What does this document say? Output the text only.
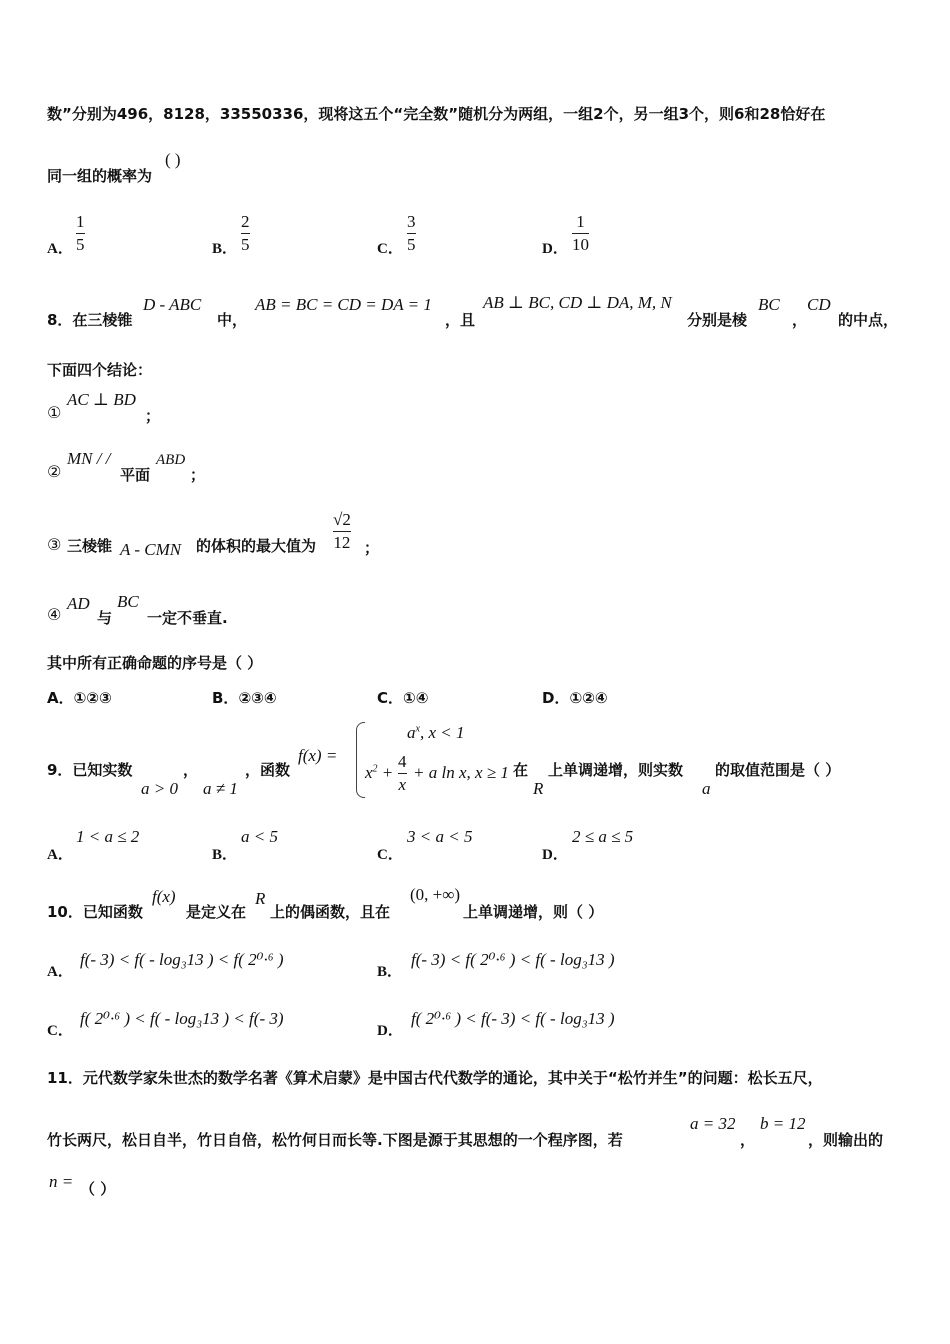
数”分别为496，8128，33550336，现将这五个“完全数”随机分为两组，一组2个，另一组3个，则6和28恰好在
同一组的概率为
( )
A．
1
5	B．
2
5	C．
3
5	D．
1
10
8．在三棱锥
D - ABC
中，
AB = BC = CD = DA = 1
，且
AB ⊥ BC, CD ⊥ DA, M, N
分别是棱
BC
，
CD
的中点，
下面四个结论：
①
AC ⊥ BD
；
②
MN / /
平面
ABD
；
③ 三棱锥 A - CMN 的体积的最大值为
√2
12 ；
④
AD
与
BC
一定不垂直.
其中所有正确命题的序号是（ ）
A．①②③	B．②③④	C．①④	D．①②④
9．已知实数
a > 0
，
a ≠ 1
，函数
f(x) =
$a^x$, x < 1
$x^2$ +
4
x
+ a ln x, x ≥ 1 在
R
上单调递增，则实数
a
的取值范围是（ ）
A．
1 < a ≤ 2
B．
a < 5
C．
3 < a < 5
D．
2 ≤ a ≤ 5
10．已知函数
f(x)
是定义在
R
上的偶函数，且在
(0, +∞)
上单调递增，则（ ）
A．
f(- 3) < f( - log₃13 ) < f( 2⁰·⁶ )
B．
f(- 3) < f( 2⁰·⁶ ) < f( - log₃13 )
C．
f( 2⁰·⁶ ) < f( - log₃13 ) < f(- 3)
D．
f( 2⁰·⁶ ) < f(- 3) < f( - log₃13 )
11．元代数学家朱世杰的数学名著《算术启蒙》是中国古代代数学的通论，其中关于“松竹并生”的问题：松长五尺，
竹长两尺，松日自半，竹日自倍，松竹何日而长等.下图是源于其思想的一个程序图，若
a = 32
，
b = 12
，则输出的
n = （ ）
